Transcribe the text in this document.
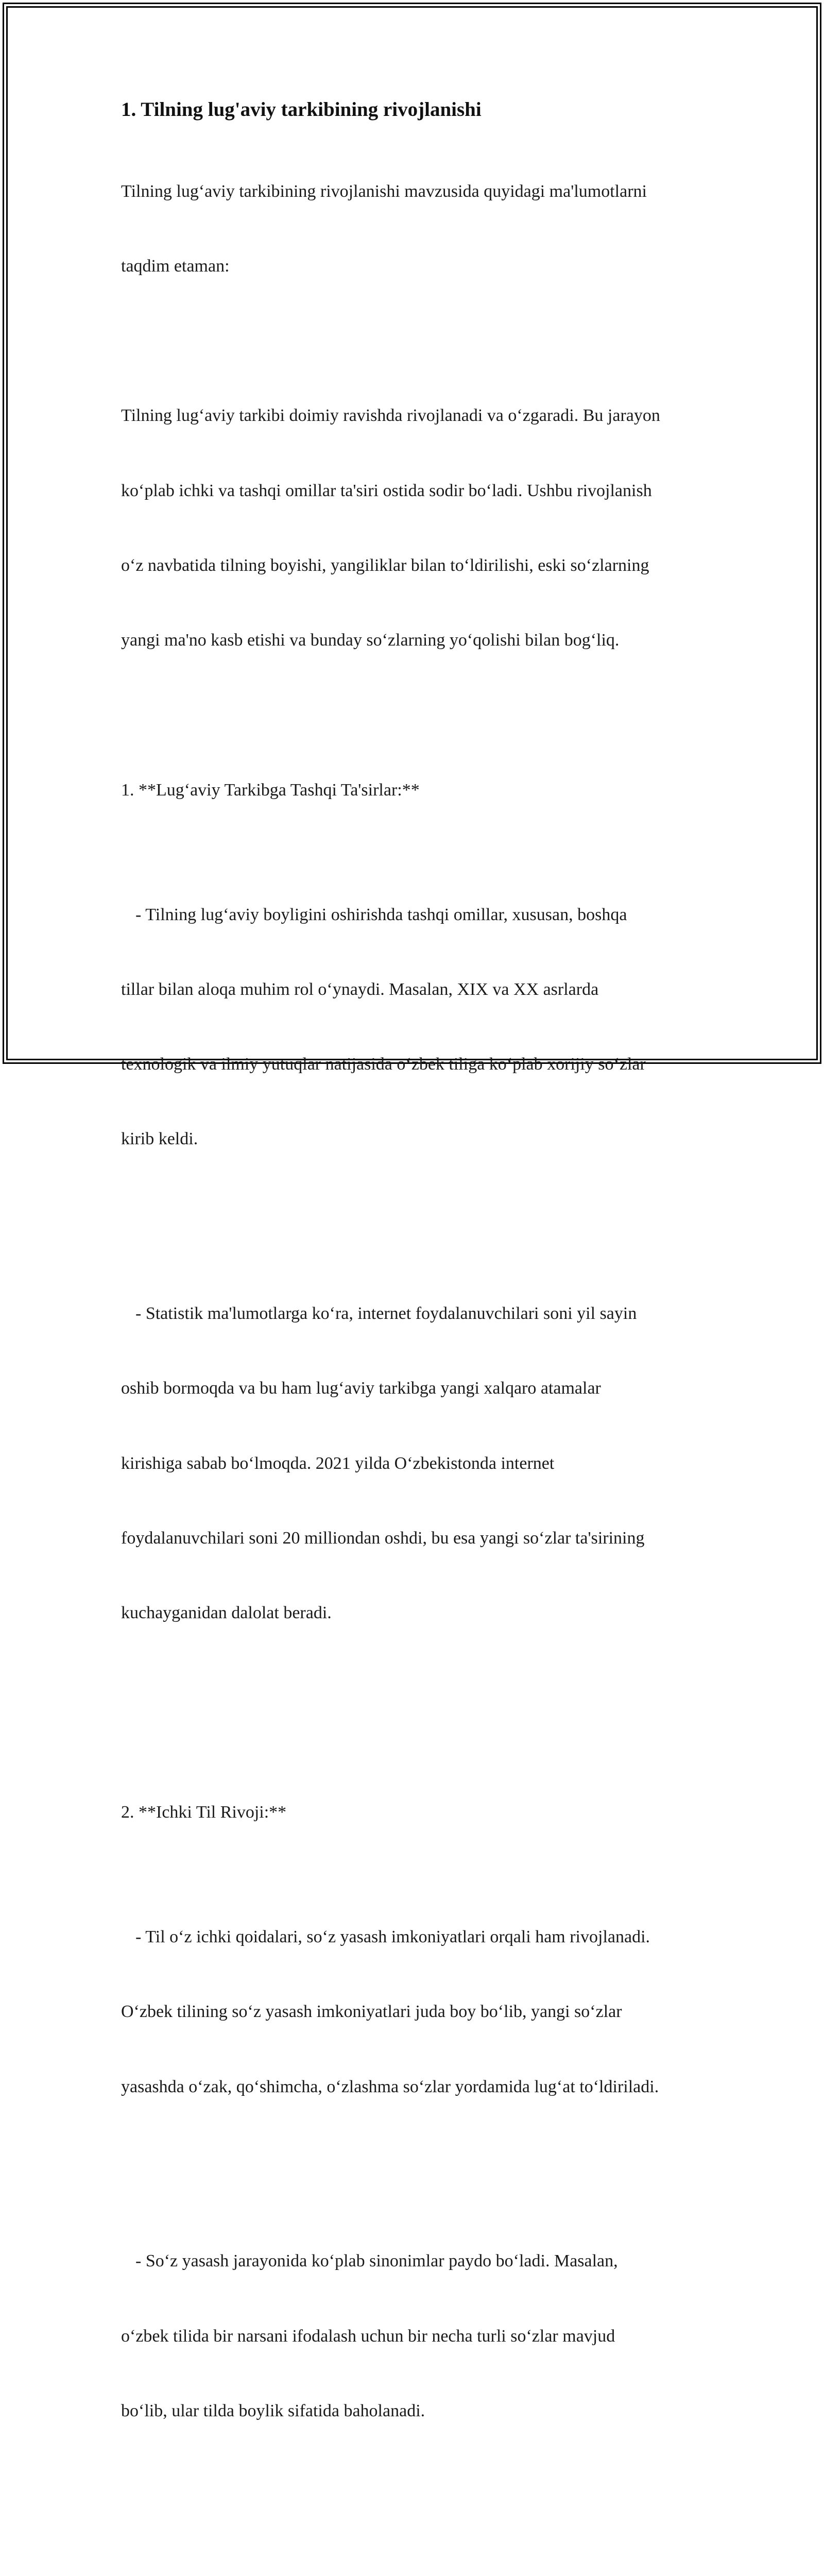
1. Tilning lug'aviy tarkibining rivojlanishi

Tilning lug‘aviy tarkibining rivojlanishi mavzusida quyidagi ma'lumotlarni

taqdim etaman:

Tilning lug‘aviy tarkibi doimiy ravishda rivojlanadi va o‘zgaradi. Bu jarayon

ko‘plab ichki va tashqi omillar ta'siri ostida sodir bo‘ladi. Ushbu rivojlanish

o‘z navbatida tilning boyishi, yangiliklar bilan to‘ldirilishi, eski so‘zlarning

yangi ma'no kasb etishi va bunday so‘zlarning yo‘qolishi bilan bog‘liq.

1. **Lug‘aviy Tarkibga Tashqi Ta'sirlar:**

- Tilning lug‘aviy boyligini oshirishda tashqi omillar, xususan, boshqa

tillar bilan aloqa muhim rol o‘ynaydi. Masalan, XIX va XX asrlarda

texnologik va ilmiy yutuqlar natijasida o‘zbek tiliga ko‘plab xorijiy so‘zlar

kirib keldi.

- Statistik ma'lumotlarga ko‘ra, internet foydalanuvchilari soni yil sayin

oshib bormoqda va bu ham lug‘aviy tarkibga yangi xalqaro atamalar

kirishiga sabab bo‘lmoqda. 2021 yilda O‘zbekistonda internet

foydalanuvchilari soni 20 milliondan oshdi, bu esa yangi so‘zlar ta'sirining

kuchayganidan dalolat beradi.

2. **Ichki Til Rivoji:**

- Til o‘z ichki qoidalari, so‘z yasash imkoniyatlari orqali ham rivojlanadi.

O‘zbek tilining so‘z yasash imkoniyatlari juda boy bo‘lib, yangi so‘zlar

yasashda o‘zak, qo‘shimcha, o‘zlashma so‘zlar yordamida lug‘at to‘ldiriladi.

- So‘z yasash jarayonida ko‘plab sinonimlar paydo bo‘ladi. Masalan,

o‘zbek tilida bir narsani ifodalash uchun bir necha turli so‘zlar mavjud

bo‘lib, ular tilda boylik sifatida baholanadi.
